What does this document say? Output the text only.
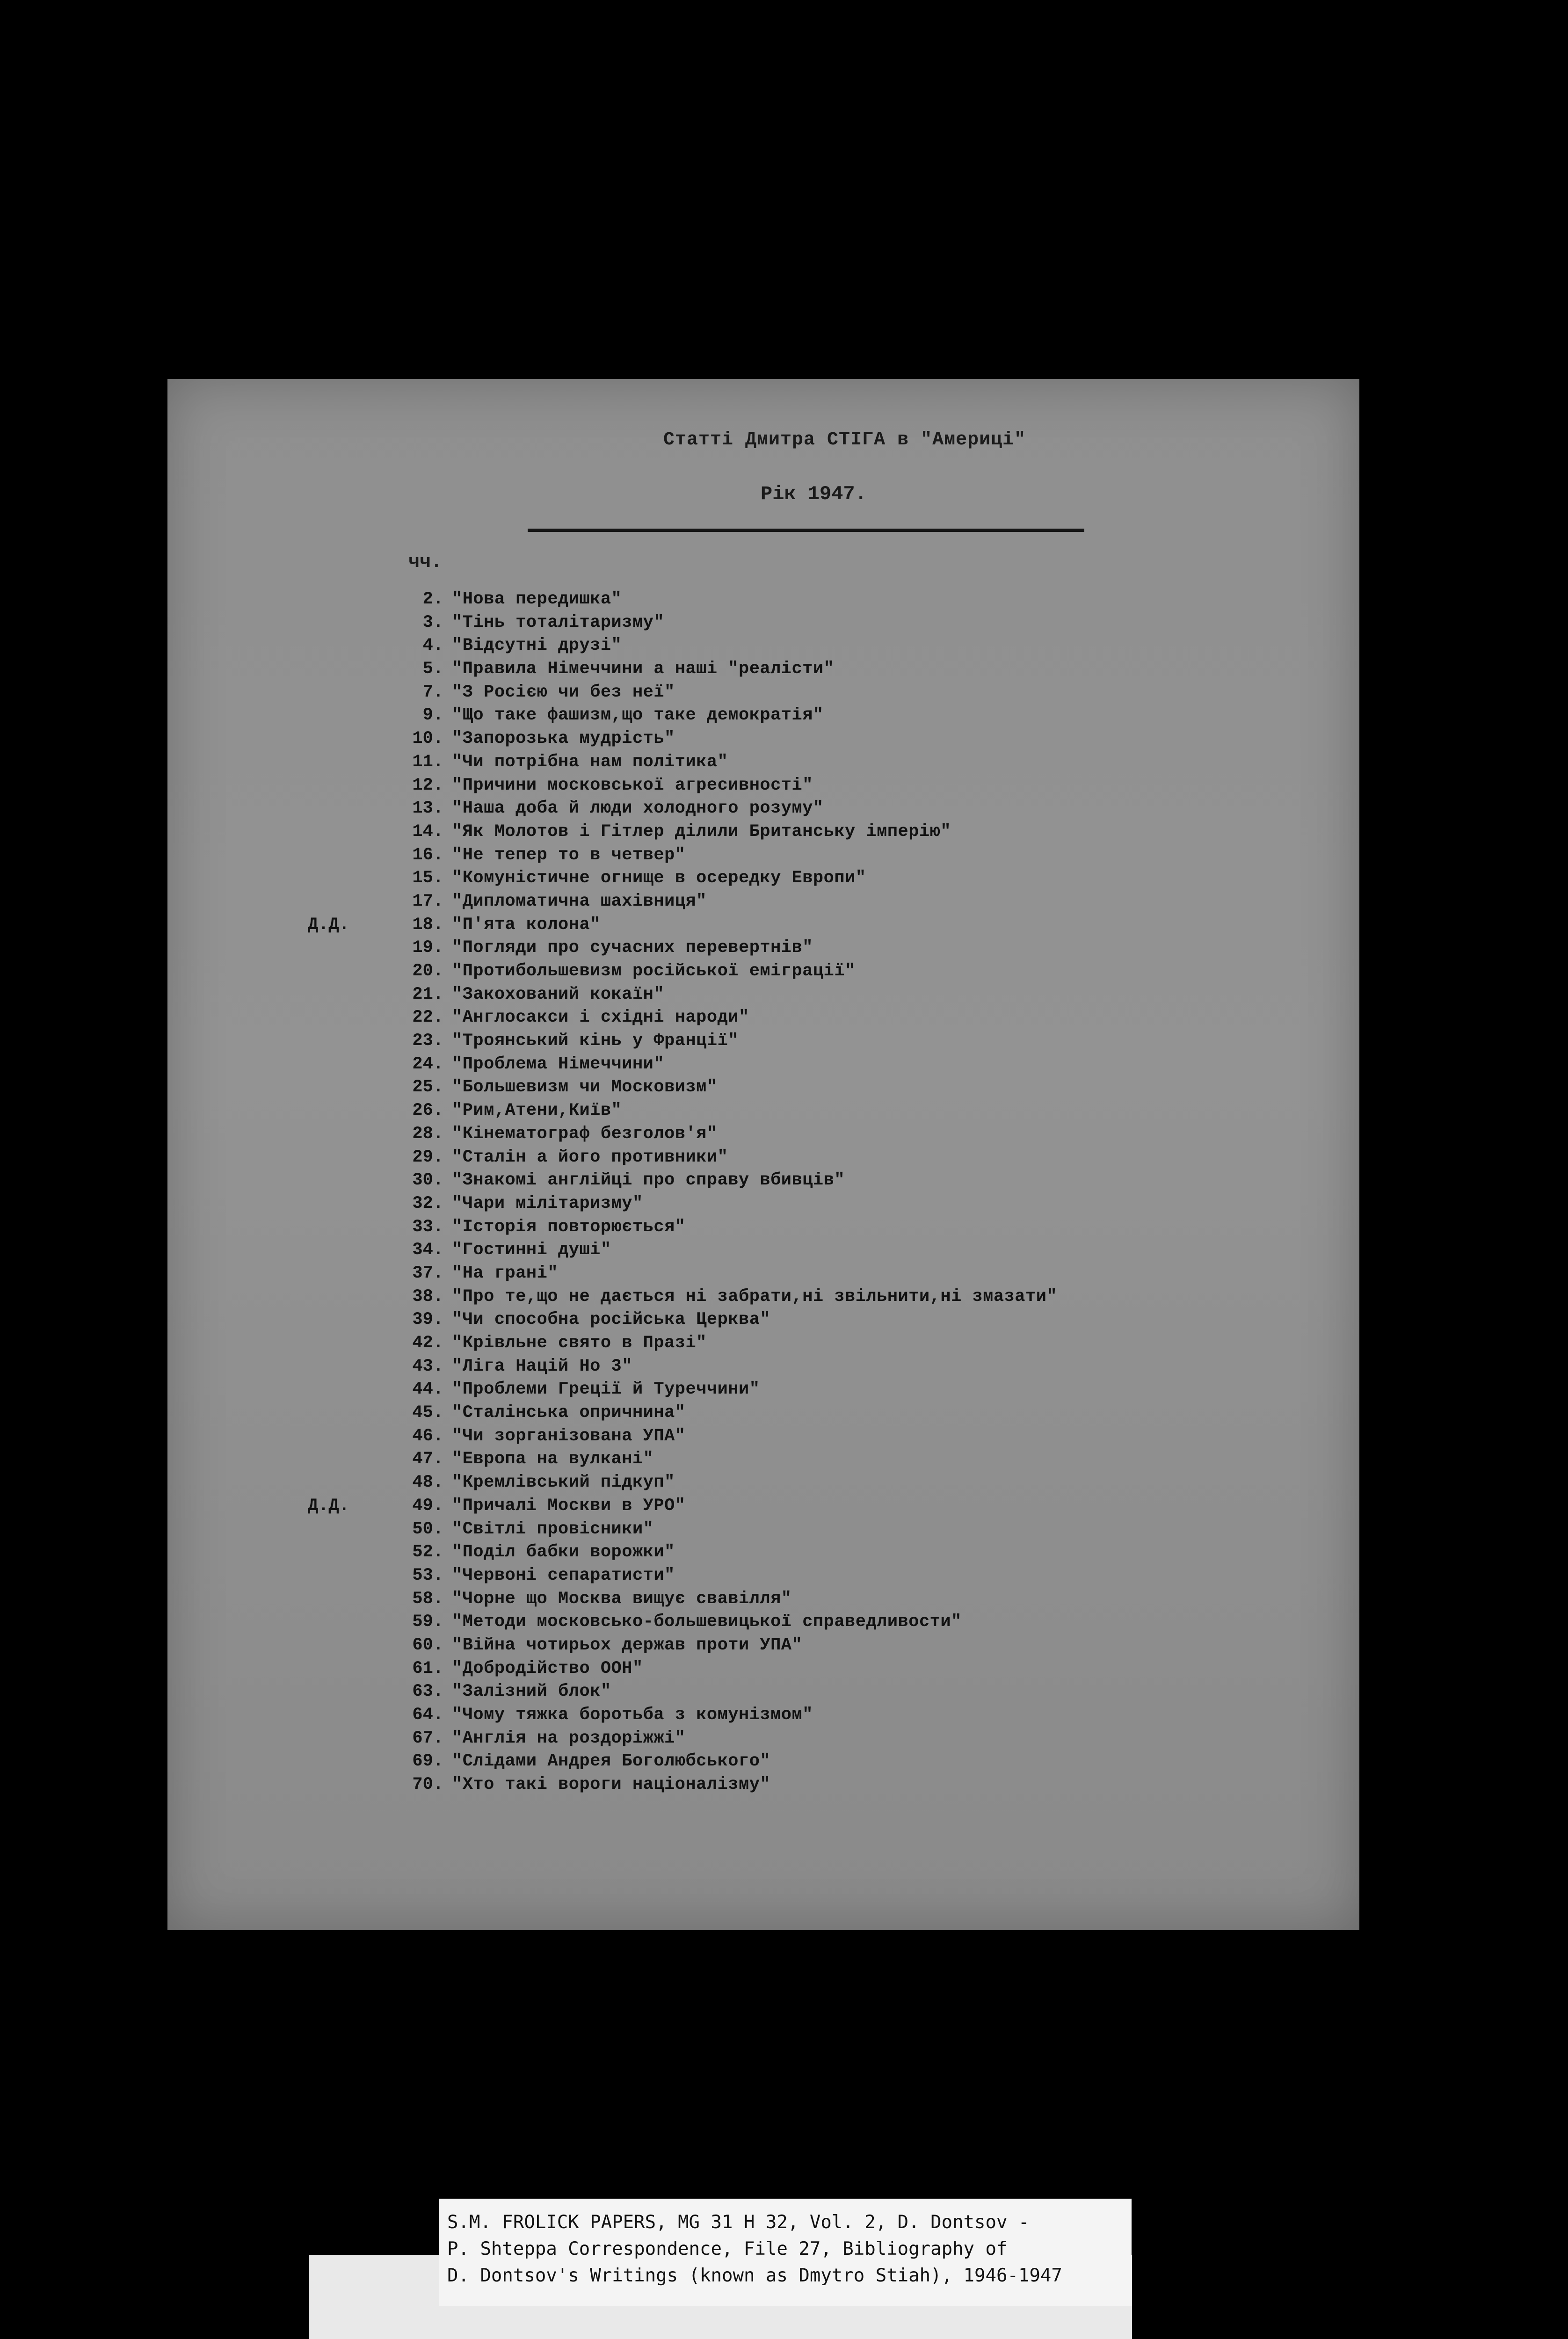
Статті Дмитра СТІГА в "Америці"
Рік 1947.
чч.
2. "Нова передишка"
3. "Тінь тоталітаризму"
4. "Відсутні друзі"
5. "Правила Німеччини а наші "реалісти"
7. "З Росією чи без неї"
9. "Що таке фашизм,що таке демократія"
10. "Запорозька мудрість"
11. "Чи потрібна нам політика"
12. "Причини московської агресивності"
13. "Наша доба й люди холодного розуму"
14. "Як Молотов і Гітлер ділили Британську імперію"
16. "Не тепер то в четвер"
15. "Комуністичне огнище в осередку Европи"
17. "Дипломатична шахівниця"
Д.Д.	18. "П'ята колона"
19. "Погляди про сучасних перевертнів"
20. "Протибольшевизм російської еміграції"
21. "Закохований кокаїн"
22. "Англосакси і східні народи"
23. "Троянський кінь у Франції"
24. "Проблема Німеччини"
25. "Большевизм чи Московизм"
26. "Рим,Атени,Київ"
28. "Кінематограф безголов'я"
29. "Сталін а його противники"
30. "Знакомі англійці про справу вбивців"
32. "Чари мілітаризму"
33. "Історія повторюється"
34. "Гостинні душі"
37. "На грані"
38. "Про те,що не дається ні забрати,ні звільнити,ні змазати"
39. "Чи способна російська Церква"
42. "Крівльне свято в Празі"
43. "Ліга Націй Но 3"
44. "Проблеми Греції й Туреччини"
45. "Сталінська опричнина"
46. "Чи зорганізована УПА"
47. "Европа на вулкані"
48. "Кремлівський підкуп"
Д.Д.	49. "Причалі Москви в УРО"
50. "Світлі провісники"
52. "Поділ бабки ворожки"
53. "Червоні сепаратисти"
58. "Чорне що Москва вищує свавілля"
59. "Методи московсько-большевицької справедливости"
60. "Війна чотирьох держав проти УПА"
61. "Добродійство ООН"
63. "Залізний блок"
64. "Чому тяжка боротьба з комунізмом"
67. "Англія на роздоріжжі"
69. "Слідами Андрея Боголюбського"
70. "Хто такі вороги націоналізму"
S.M. FROLICK PAPERS, MG 31 H 32, Vol. 2, D. Dontsov -
P. Shteppa Correspondence, File 27, Bibliography of
D. Dontsov's Writings (known as Dmytro Stiah), 1946-1947
